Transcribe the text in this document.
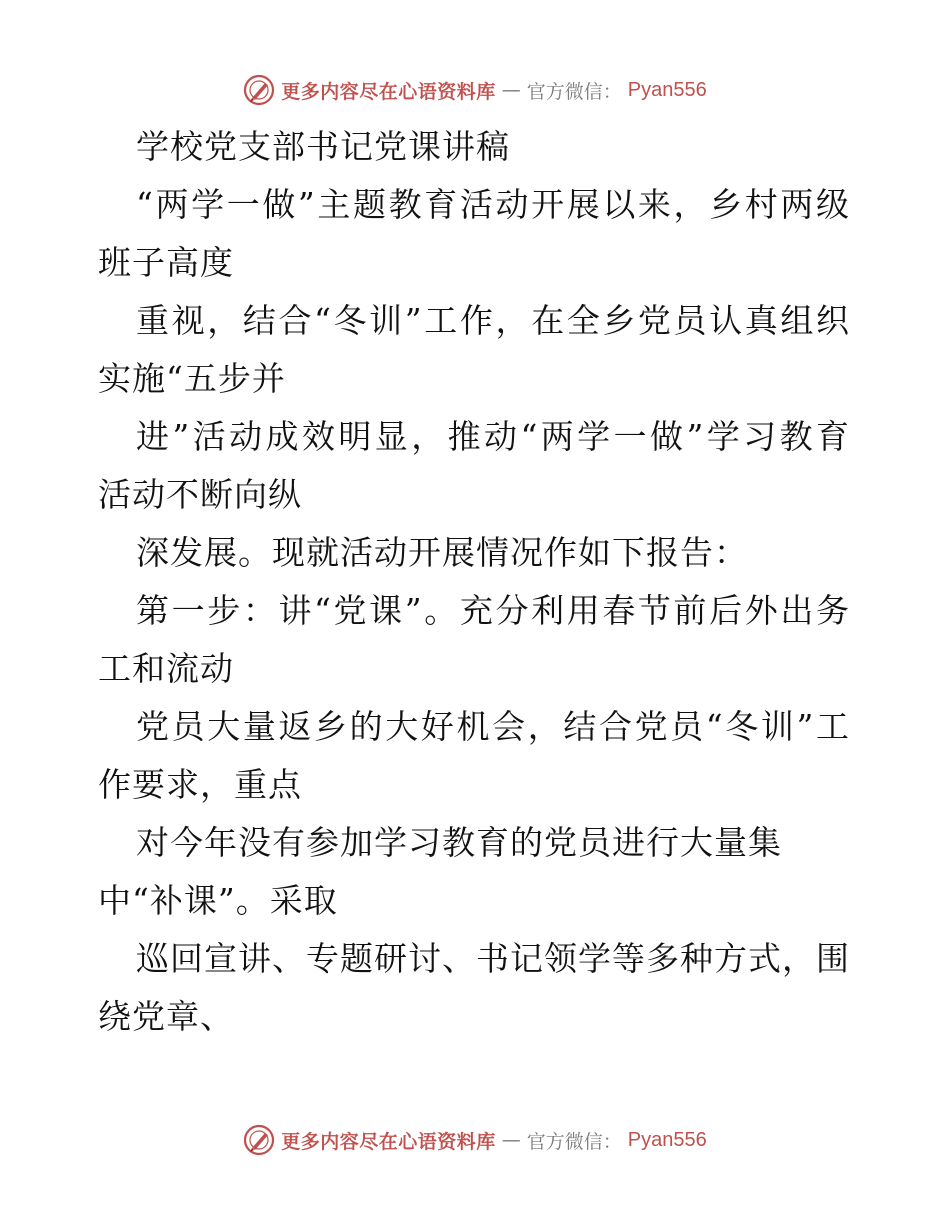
更多内容尽在心语资料库 — 官方微信： Pyan556

学校党支部书记党课讲稿

“两学一做”主题教育活动开展以来，乡村两级

班子高度

重视，结合“冬训”工作，在全乡党员认真组织

实施“五步并

进”活动成效明显，推动“两学一做”学习教育

活动不断向纵

深发展。现就活动开展情况作如下报告：

第一步：讲“党课”。充分利用春节前后外出务

工和流动

党员大量返乡的大好机会，结合党员“冬训”工

作要求，重点

对今年没有参加学习教育的党员进行大量集

中“补课”。采取

巡回宣讲、专题研讨、书记领学等多种方式，围

绕党章、

更多内容尽在心语资料库 — 官方微信： Pyan556
